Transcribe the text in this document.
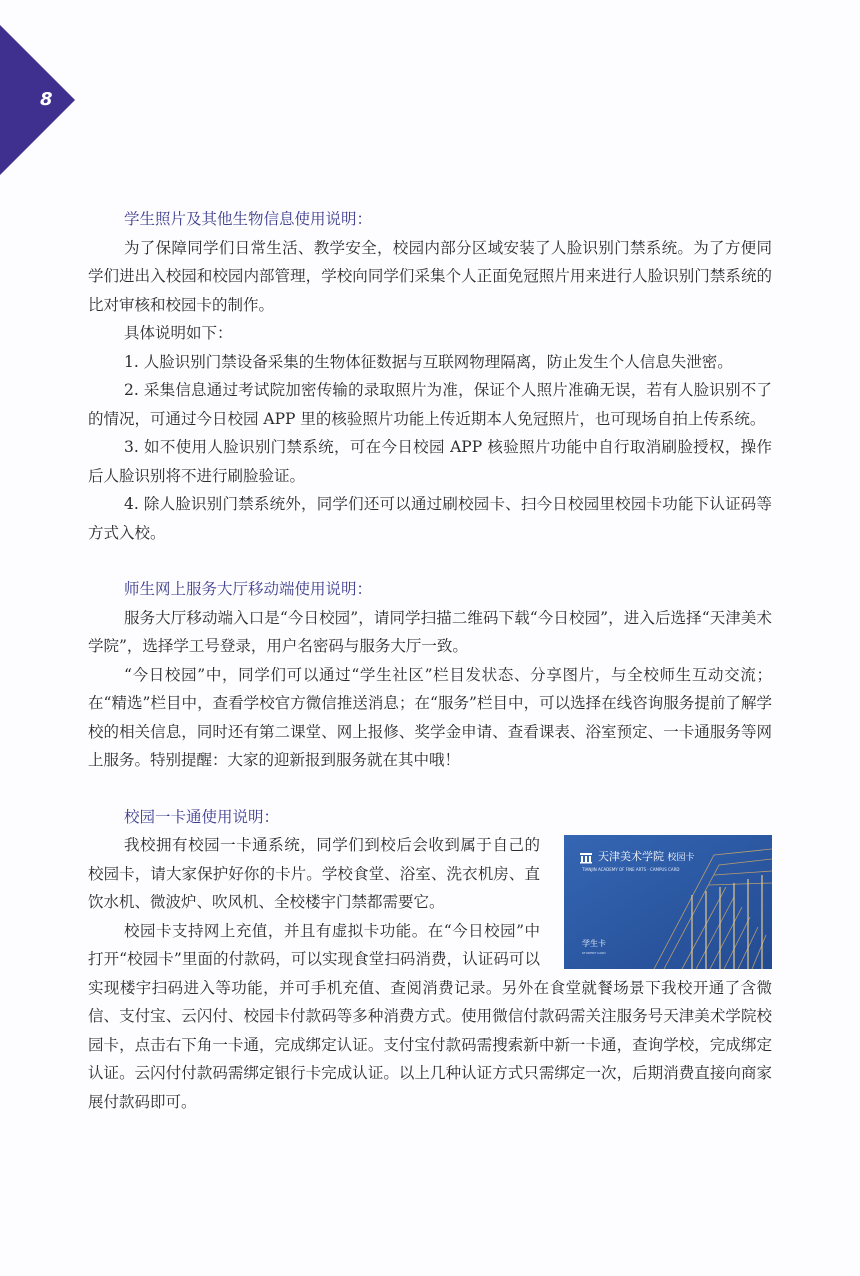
8

学生照片及其他生物信息使用说明：

为了保障同学们日常生活、教学安全，校园内部分区域安装了人脸识别门禁系统。为了方便同学们进出入校园和校园内部管理，学校向同学们采集个人正面免冠照片用来进行人脸识别门禁系统的比对审核和校园卡的制作。

具体说明如下：

1. 人脸识别门禁设备采集的生物体征数据与互联网物理隔离，防止发生个人信息失泄密。

2. 采集信息通过考试院加密传输的录取照片为准，保证个人照片准确无误，若有人脸识别不了的情况，可通过今日校园 APP 里的核验照片功能上传近期本人免冠照片，也可现场自拍上传系统。

3. 如不使用人脸识别门禁系统，可在今日校园 APP 核验照片功能中自行取消刷脸授权，操作后人脸识别将不进行刷脸验证。

4. 除人脸识别门禁系统外，同学们还可以通过刷校园卡、扫今日校园里校园卡功能下认证码等方式入校。

师生网上服务大厅移动端使用说明：

服务大厅移动端入口是“今日校园”，请同学扫描二维码下载“今日校园”，进入后选择“天津美术学院”，选择学工号登录，用户名密码与服务大厅一致。

“今日校园”中，同学们可以通过“学生社区”栏目发状态、分享图片，与全校师生互动交流；在“精选”栏目中，查看学校官方微信推送消息；在“服务”栏目中，可以选择在线咨询服务提前了解学校的相关信息，同时还有第二课堂、网上报修、奖学金申请、查看课表、浴室预定、一卡通服务等网上服务。特别提醒：大家的迎新报到服务就在其中哦！

校园一卡通使用说明：

天津美术学院 校园卡
TIANJIN ACADEMY OF FINE ARTS · CAMPUS CARD
学生卡
STUDENT CARD

我校拥有校园一卡通系统，同学们到校后会收到属于自己的校园卡，请大家保护好你的卡片。学校食堂、浴室、洗衣机房、直饮水机、微波炉、吹风机、全校楼宇门禁都需要它。

校园卡支持网上充值，并且有虚拟卡功能。在“今日校园”中打开“校园卡”里面的付款码，可以实现食堂扫码消费，认证码可以实现楼宇扫码进入等功能，并可手机充值、查阅消费记录。另外在食堂就餐场景下我校开通了含微信、支付宝、云闪付、校园卡付款码等多种消费方式。使用微信付款码需关注服务号天津美术学院校园卡，点击右下角一卡通，完成绑定认证。支付宝付款码需搜索新中新一卡通，查询学校，完成绑定认证。云闪付付款码需绑定银行卡完成认证。以上几种认证方式只需绑定一次，后期消费直接向商家展付款码即可。
